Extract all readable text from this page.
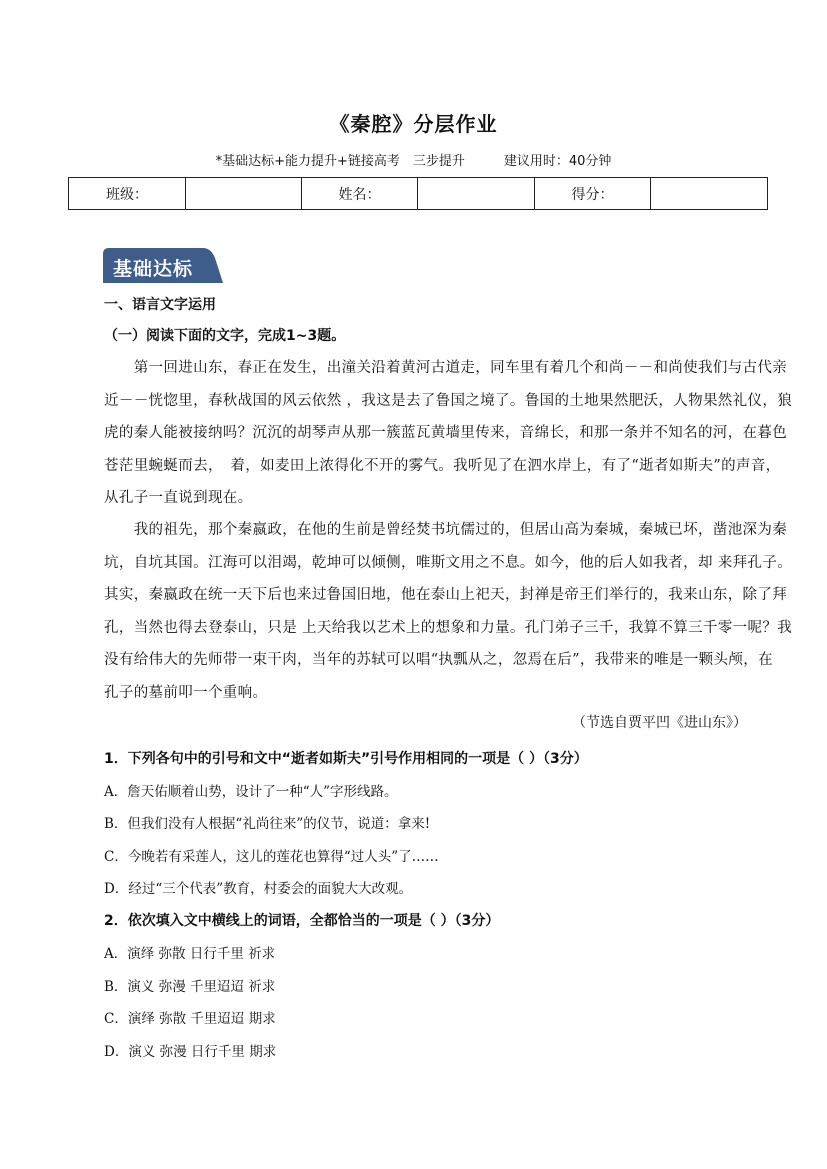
《秦腔》分层作业
*基础达标+能力提升+链接高考　三步提升　　　建议用时：40分钟
班级：		姓名：		得分：	
基础达标
一、语言文字运用
（一）阅读下面的文字，完成1~3题。
　　第一回进山东，春正在发生，出潼关沿着黄河古道走，同车里有着几个和尚－－和尚使我们与古代亲
近－－恍惚里，春秋战国的风云依然 ，我这是去了鲁国之境了。鲁国的土地果然肥沃，人物果然礼仪，狼
虎的秦人能被接纳吗？沉沉的胡琴声从那一簇蓝瓦黄墙里传来，音绵长，和那一条并不知名的河，在暮色
苍茫里蜿蜒而去，　着，如麦田上浓得化不开的雾气。我听见了在泗水岸上，有了“逝者如斯夫”的声音，
从孔子一直说到现在。
　　我的祖先，那个秦嬴政，在他的生前是曾经焚书坑儒过的，但居山高为秦城，秦城已坏，凿池深为秦
坑，自坑其国。江海可以泪竭，乾坤可以倾侧，唯斯文用之不息。如今，他的后人如我者，却 来拜孔子。
其实，秦嬴政在统一天下后也来过鲁国旧地，他在泰山上祀天，封禅是帝王们举行的，我来山东，除了拜
孔，当然也得去登泰山，只是 上天给我以艺术上的想象和力量。孔门弟子三千，我算不算三千零一呢？我
没有给伟大的先师带一束干肉，当年的苏轼可以唱“执瓢从之，忽焉在后”，我带来的唯是一颗头颅，在
孔子的墓前叩一个重响。
（节选自贾平凹《进山东》）
1．下列各句中的引号和文中“逝者如斯夫”引号作用相同的一项是（ ）（3分）
A．詹天佑顺着山势，设计了一种“人”字形线路。
B．但我们没有人根据“礼尚往来”的仪节，说道：拿来!
C．今晚若有采莲人，这儿的莲花也算得“过人头”了……
D．经过“三个代表”教育，村委会的面貌大大改观。
2．依次填入文中横线上的词语，全都恰当的一项是（ ）（3分）
A．演绎 弥散 日行千里 祈求
B．演义 弥漫 千里迢迢 祈求
C．演绎 弥散 千里迢迢 期求
D．演义 弥漫 日行千里 期求
